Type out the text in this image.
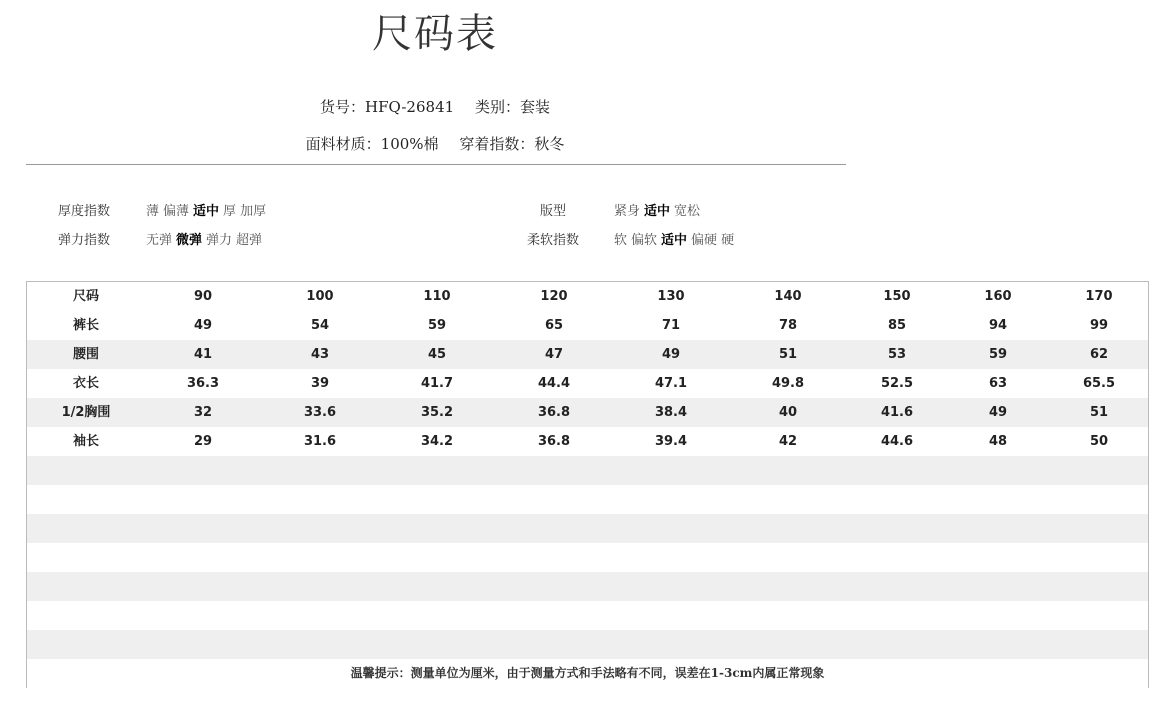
尺码表
货号：HFQ-26841 类别：套装
面料材质：100%棉 穿着指数：秋冬
厚度指数	薄 偏薄 适中 厚 加厚
弹力指数	无弹 微弹 弹力 超弹
版型	紧身 适中 宽松
柔软指数	软 偏软 适中 偏硬 硬
袖长	29	31.6	34.2	36.8	39.4	42	44.6	48	50
1/2胸围	32	33.6	35.2	36.8	38.4	40	41.6	49	51
衣长	36.3	39	41.7	44.4	47.1	49.8	52.5	63	65.5
腰围	41	43	45	47	49	51	53	59	62
裤长	49	54	59	65	71	78	85	94	99
尺码	90	100	110	120	130	140	150	160	170
温馨提示：测量单位为厘米，由于测量方式和手法略有不同，误差在1-3cm内属正常现象
